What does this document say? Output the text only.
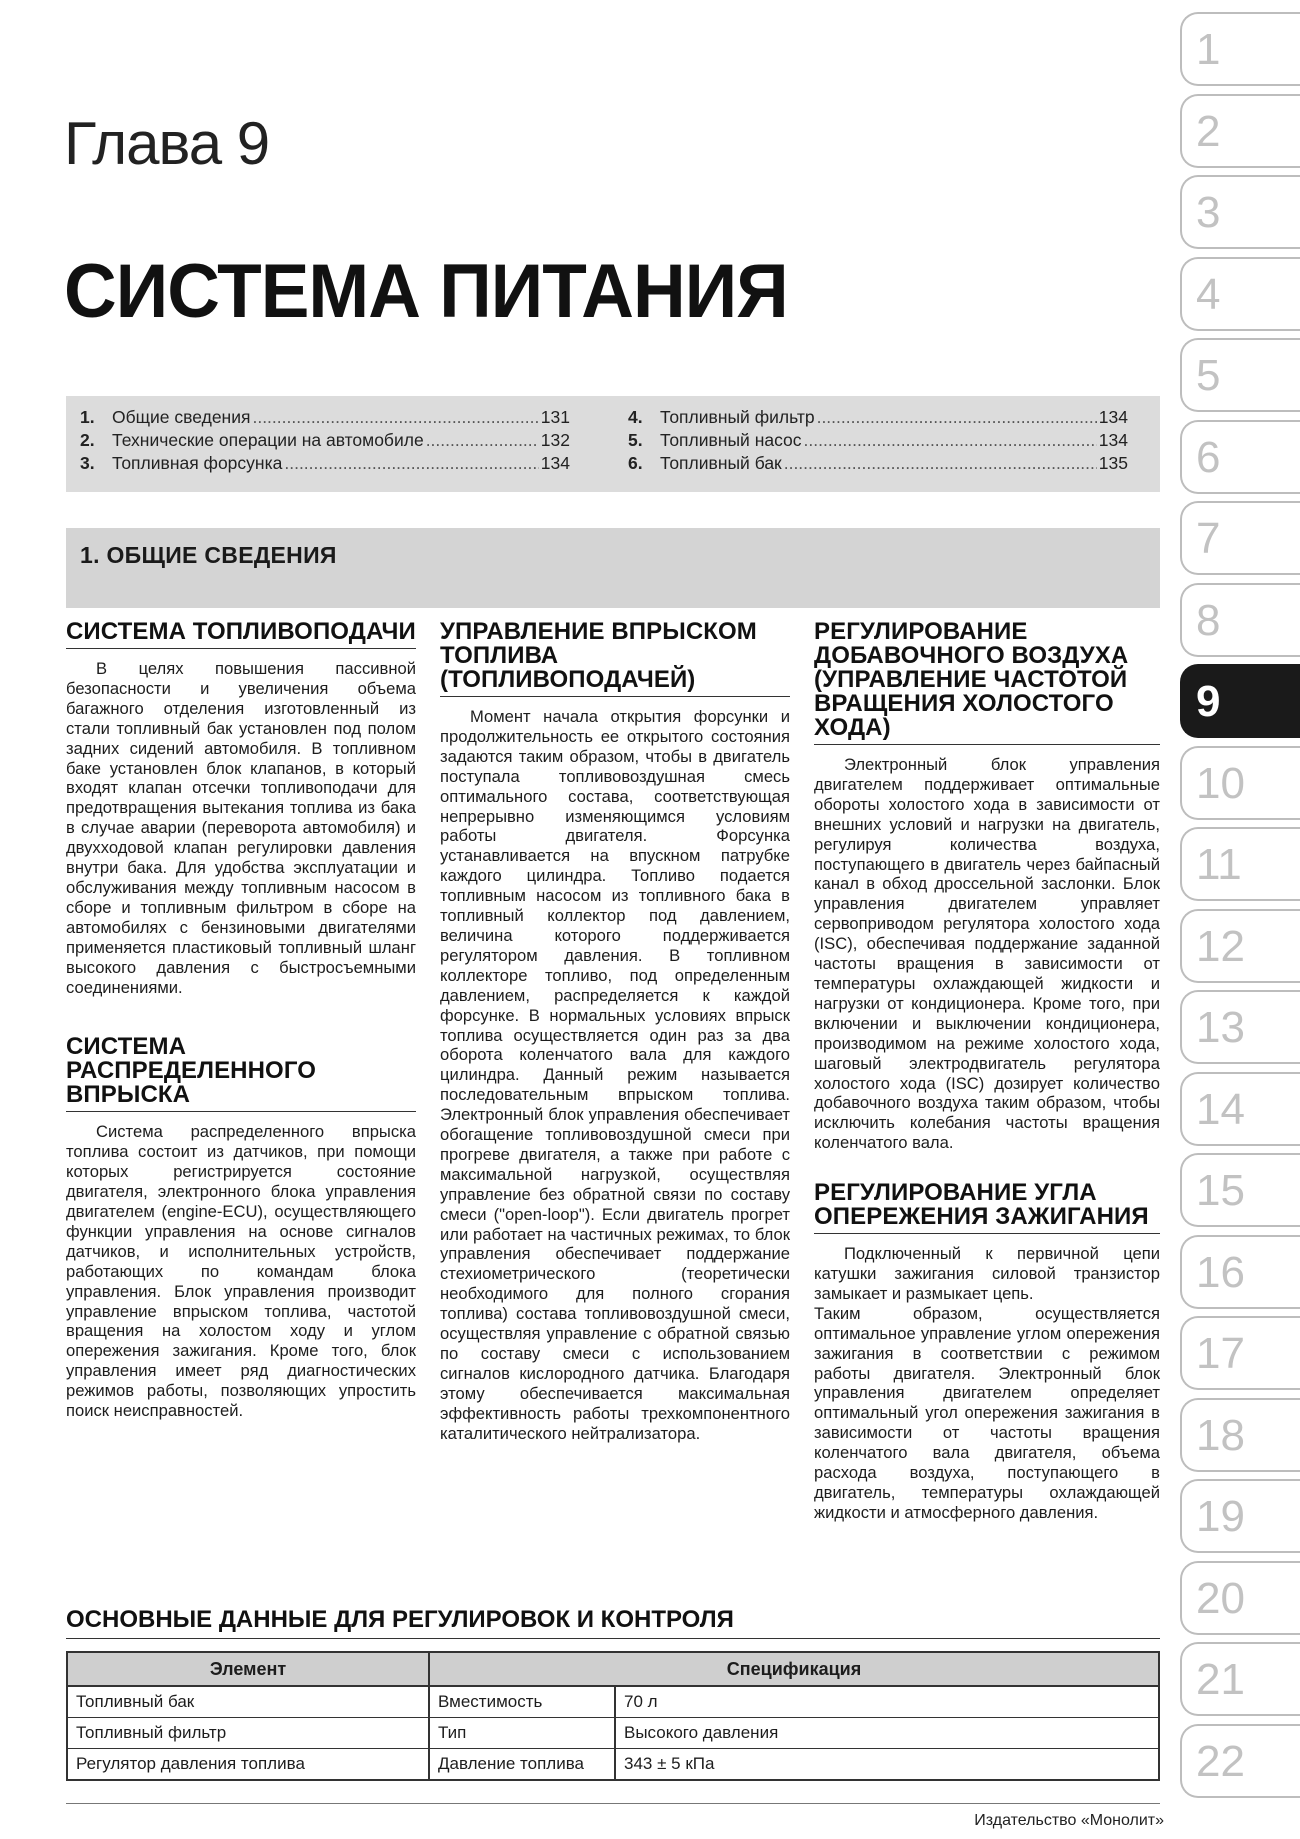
Глава 9
СИСТЕМА ПИТАНИЯ
1. Общие сведения .....	131
2. Технические операции на автомобиле .....	132
3. Топливная форсунка .....	134
4. Топливный фильтр .....	134
5. Топливный насос .....	134
6. Топливный бак .....	135
1. ОБЩИЕ СВЕДЕНИЯ
СИСТЕМА ТОПЛИВОПОДАЧИ

В целях повышения пассивной безопасности и увеличения объема багажного отделения изготовленный из стали топливный бак установлен под полом задних сидений автомобиля. В топливном баке установлен блок клапанов, в который входят клапан отсечки топливоподачи для предотвращения вытекания топлива из бака в случае аварии (переворота автомобиля) и двухходовой клапан регулировки давления внутри бака. Для удобства эксплуатации и обслуживания между топливным насосом в сборе и топливным фильтром в сборе на автомобилях с бензиновыми двигателями применяется пластиковый топливный шланг высокого давления с быстросъемными соединениями.

СИСТЕМА РАСПРЕДЕЛЕННОГО ВПРЫСКА

Система распределенного впрыска топлива состоит из датчиков, при помощи которых регистрируется состояние двигателя, электронного блока управления двигателем (engine-ECU), осуществляющего функции управления на основе сигналов датчиков, и исполнительных устройств, работающих по командам блока управления. Блок управления производит управление впрыском топлива, частотой вращения на холостом ходу и углом опережения зажигания. Кроме того, блок управления имеет ряд диагностических режимов работы, позволяющих упростить поиск неисправностей.

УПРАВЛЕНИЕ ВПРЫСКОМ ТОПЛИВА (ТОПЛИВОПОДАЧЕЙ)

Момент начала открытия форсунки и продолжительность ее открытого состояния задаются таким образом, чтобы в двигатель поступала топливовоздушная смесь оптимального состава, соответствующая непрерывно изменяющимся условиям работы двигателя. Форсунка устанавливается на впускном патрубке каждого цилиндра. Топливо подается топливным насосом из топливного бака в топливный коллектор под давлением, величина которого поддерживается регулятором давления. В топливном коллекторе топливо, под определенным давлением, распределяется к каждой форсунке. В нормальных условиях впрыск топлива осуществляется один раз за два оборота коленчатого вала для каждого цилиндра. Данный режим называется последовательным впрыском топлива. Электронный блок управления обеспечивает обогащение топливовоздушной смеси при прогреве двигателя, а также при работе с максимальной нагрузкой, осуществляя управление без обратной связи по составу смеси ("open-loop"). Если двигатель прогрет или работает на частичных режимах, то блок управления обеспечивает поддержание стехиометрического (теоретически необходимого для полного сгорания топлива) состава топливовоздушной смеси, осуществляя управление с обратной связью по составу смеси с использованием сигналов кислородного датчика. Благодаря этому обеспечивается максимальная эффективность работы трехкомпонентного каталитического нейтрализатора.

РЕГУЛИРОВАНИЕ ДОБАВОЧНОГО ВОЗДУХА (УПРАВЛЕНИЕ ЧАСТОТОЙ ВРАЩЕНИЯ ХОЛОСТОГО ХОДА)

Электронный блок управления двигателем поддерживает оптимальные обороты холостого хода в зависимости от внешних условий и нагрузки на двигатель, регулируя количества воздуха, поступающего в двигатель через байпасный канал в обход дроссельной заслонки. Блок управления двигателем управляет сервоприводом регулятора холостого хода (ISC), обеспечивая поддержание заданной частоты вращения в зависимости от температуры охлаждающей жидкости и нагрузки от кондиционера. Кроме того, при включении и выключении кондиционера, производимом на режиме холостого хода, шаговый электродвигатель регулятора холостого хода (ISC) дозирует количество добавочного воздуха таким образом, чтобы исключить колебания частоты вращения коленчатого вала.

РЕГУЛИРОВАНИЕ УГЛА ОПЕРЕЖЕНИЯ ЗАЖИГАНИЯ

Подключенный к первичной цепи катушки зажигания силовой транзистор замыкает и размыкает цепь.

Таким образом, осуществляется оптимальное управление углом опережения зажигания в соответствии с режимом работы двигателя. Электронный блок управления двигателем определяет оптимальный угол опережения зажигания в зависимости от частоты вращения коленчатого вала двигателя, объема расхода воздуха, поступающего в двигатель, температуры охлаждающей жидкости и атмосферного давления.

ОСНОВНЫЕ ДАННЫЕ ДЛЯ РЕГУЛИРОВОК И КОНТРОЛЯ
Элемент	Спецификация	
Топливный бак	Вместимость	70 л
Топливный фильтр	Тип	Высокого давления
Регулятор давления топлива	Давление топлива	343 ± 5 кПа
Издательство «Монолит»
1
2
3
4
5
6
7
8
9
10
11
12
13
14
15
16
17
18
19
20
21
22
